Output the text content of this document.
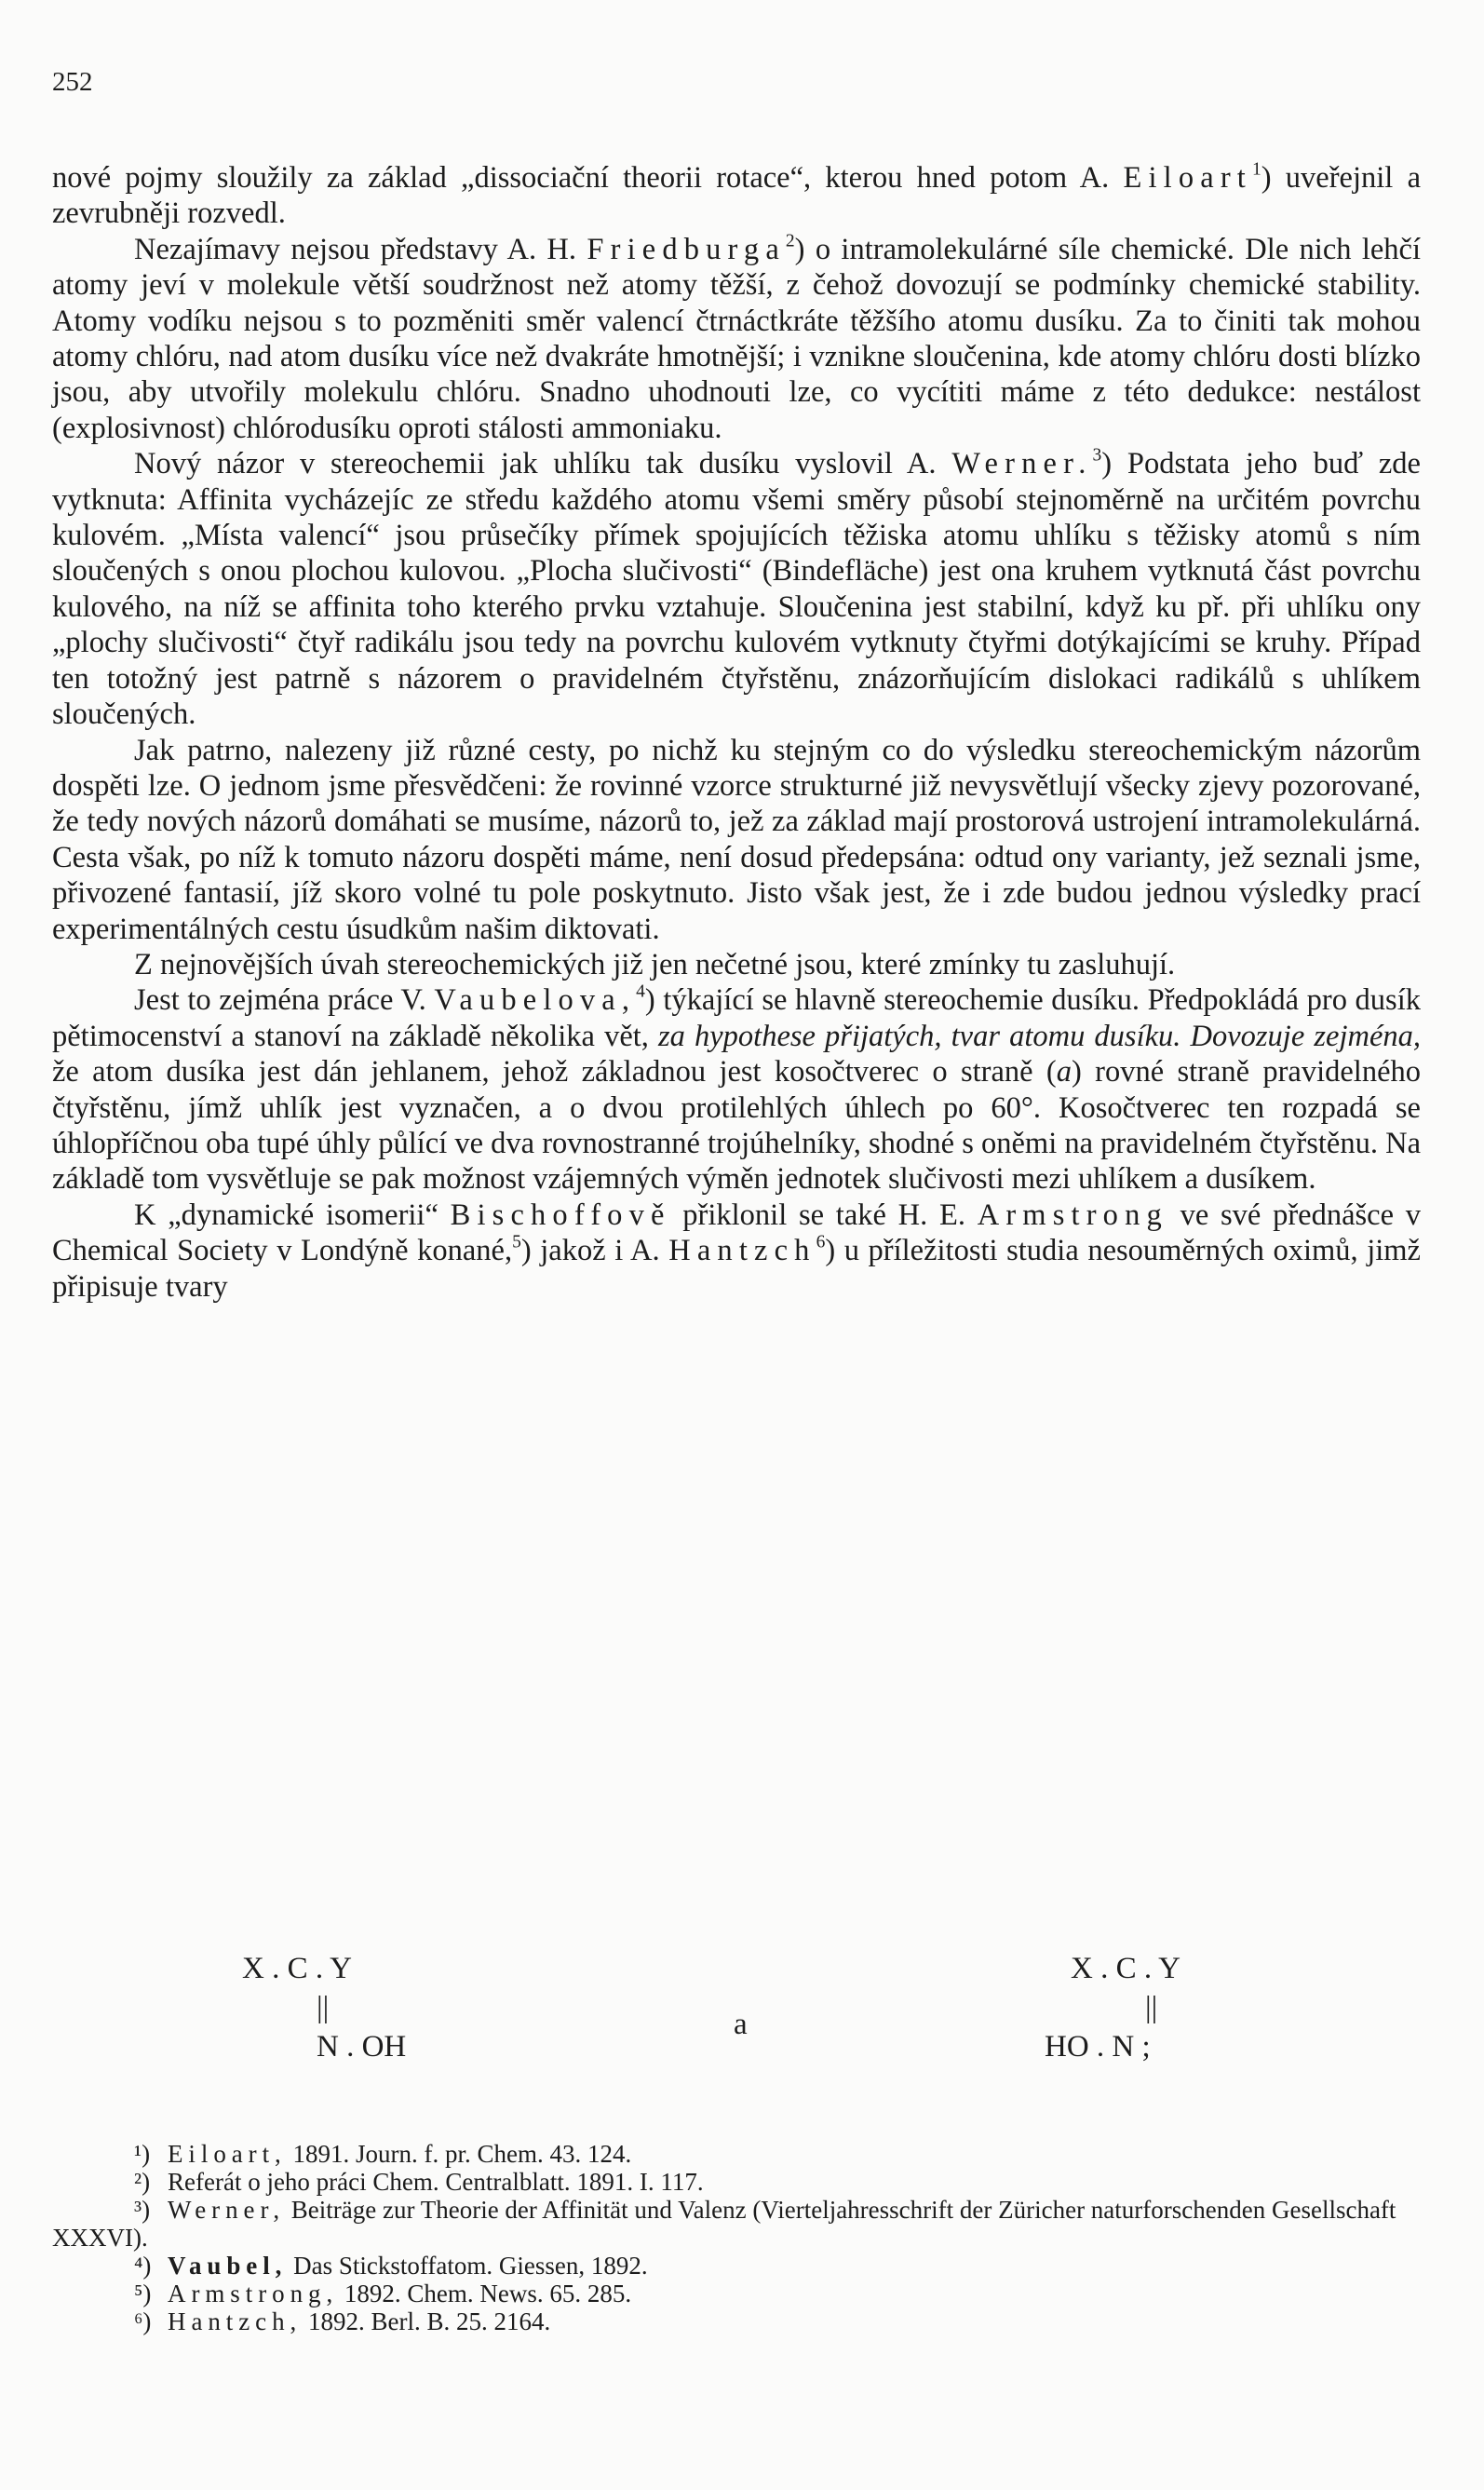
252

nové pojmy sloužily za základ „dissociační theorii rotace“, kterou hned potom A. Eiloart$^1$) uveřejnil a zevrubněji rozvedl.

Nezajímavy nejsou představy A. H. Friedburga$^2$) o intramolekulárné síle chemické. Dle nich lehčí atomy jeví v molekule větší soudržnost než atomy těžší, z čehož dovozují se podmínky chemické stability. Atomy vodíku nejsou s to pozměniti směr valencí čtrnáctkráte těžšího atomu dusíku. Za to činiti tak mohou atomy chlóru, nad atom dusíku více než dvakráte hmotnější; i vznikne sloučenina, kde atomy chlóru dosti blízko jsou, aby utvořily molekulu chlóru. Snadno uhodnouti lze, co vycítiti máme z této dedukce: nestálost (explosivnost) chlórodusíku oproti stálosti ammoniaku.

Nový názor v stereochemii jak uhlíku tak dusíku vyslovil A. Werner.$^3$) Podstata jeho buď zde vytknuta: Affinita vycházejíc ze středu každého atomu všemi směry působí stejnoměrně na určitém povrchu kulovém. „Místa valencí“ jsou průsečíky přímek spojujících těžiska atomu uhlíku s těžisky atomů s ním sloučených s onou plochou kulovou. „Plocha slučivosti“ (Bindefläche) jest ona kruhem vytknutá část povrchu kulového, na níž se affinita toho kterého prvku vztahuje. Sloučenina jest stabilní, když ku př. při uhlíku ony „plochy slučivosti“ čtyř radikálu jsou tedy na povrchu kulovém vytknuty čtyřmi dotýkajícími se kruhy. Případ ten totožný jest patrně s názorem o pravidelném čtyřstěnu, znázorňujícím dislokaci radikálů s uhlíkem sloučených.

Jak patrno, nalezeny již různé cesty, po nichž ku stejným co do výsledku stereochemickým názorům dospěti lze. O jednom jsme přesvědčeni: že rovinné vzorce strukturné již nevysvětlují všecky zjevy pozorované, že tedy nových názorů domáhati se musíme, názorů to, jež za základ mají prostorová ustrojení intramolekulárná. Cesta však, po níž k tomuto názoru dospěti máme, není dosud předepsána: odtud ony varianty, jež seznali jsme, přivozené fantasií, jíž skoro volné tu pole poskytnuto. Jisto však jest, že i zde budou jednou výsledky prací experimentálných cestu úsudkům našim diktovati.

Z nejnovějších úvah stereochemických již jen nečetné jsou, které zmínky tu zasluhují.

Jest to zejména práce V. Vaubelova,$^4$) týkající se hlavně stereochemie dusíku. Předpokládá pro dusík pětimocenství a stanoví na základě několika vět, za hypothese přijatých, tvar atomu dusíku. Dovozuje zejména, že atom dusíka jest dán jehlanem, jehož základnou jest kosočtverec o straně (a) rovné straně pravidelného čtyřstěnu, jímž uhlík jest vyznačen, a o dvou protilehlých úhlech po 60°. Kosočtverec ten rozpadá se úhlopříčnou oba tupé úhly půlící ve dva rovnostranné trojúhelníky, shodné s oněmi na pravidelném čtyřstěnu. Na základě tom vysvětluje se pak možnost vzájemných výměn jednotek slučivosti mezi uhlíkem a dusíkem.

K „dynamické isomerii“ Bischoffově přiklonil se také H. E. Armstrong ve své přednášce v Chemical Society v Londýně konané,$^5$) jakož i A. Hantzch$^6$) u příležitosti studia nesouměrných oximů, jimž připisuje tvary

X . C . Y
||
N . OH
a
X . C . Y
||
HO . N ;

¹) Eiloart, 1891. Journ. f. pr. Chem. 43. 124.

²) Referát o jeho práci Chem. Centralblatt. 1891. I. 117.

³) Werner, Beiträge zur Theorie der Affinität und Valenz (Vierteljahresschrift der Züricher naturforschenden Gesellschaft XXXVI).

⁴) Vaubel, Das Stickstoffatom. Giessen, 1892.

⁵) Armstrong, 1892. Chem. News. 65. 285.

⁶) Hantzch, 1892. Berl. B. 25. 2164.
